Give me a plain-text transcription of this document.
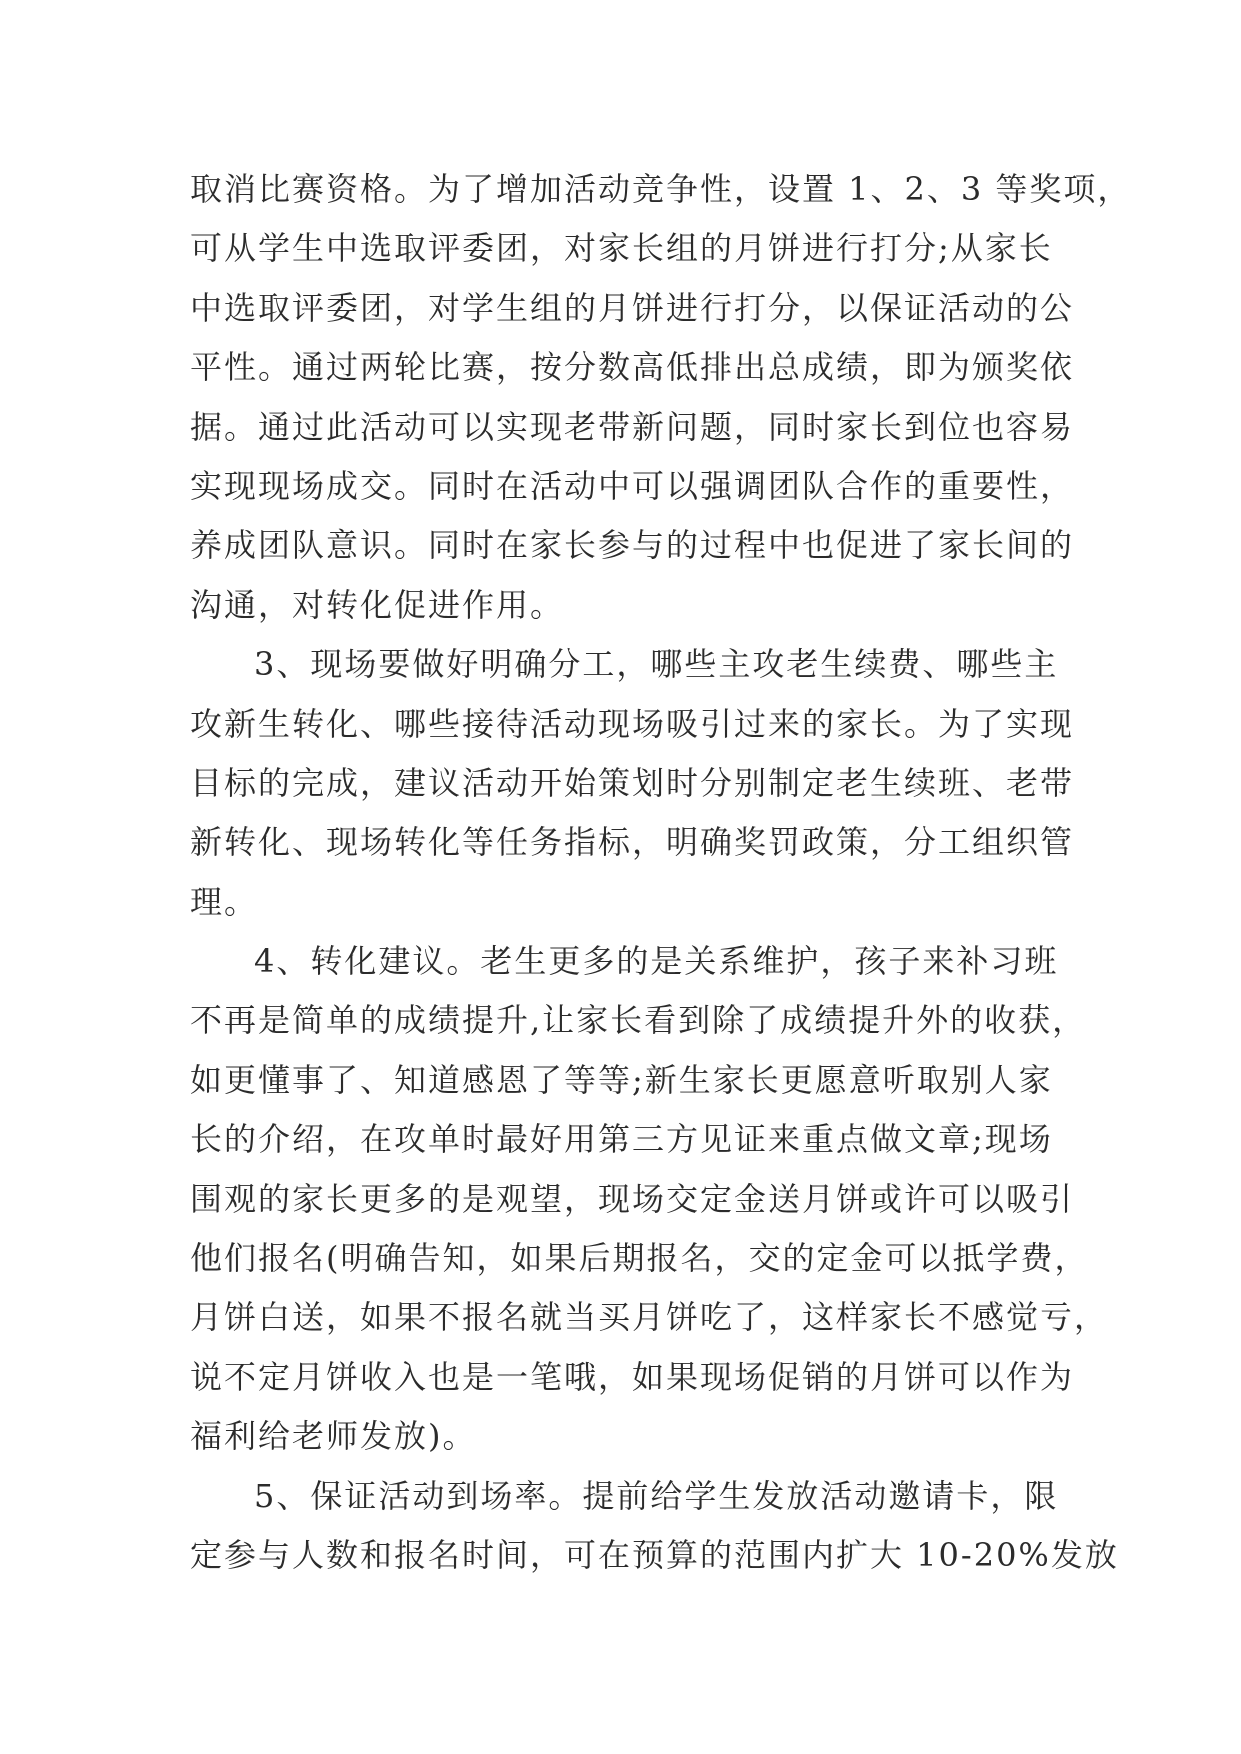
取消比赛资格。为了增加活动竞争性，设置 1、2、3 等奖项，
可从学生中选取评委团，对家长组的月饼进行打分;从家长
中选取评委团，对学生组的月饼进行打分，以保证活动的公
平性。通过两轮比赛，按分数高低排出总成绩，即为颁奖依
据。通过此活动可以实现老带新问题，同时家长到位也容易
实现现场成交。同时在活动中可以强调团队合作的重要性，
养成团队意识。同时在家长参与的过程中也促进了家长间的
沟通，对转化促进作用。
3、现场要做好明确分工，哪些主攻老生续费、哪些主
攻新生转化、哪些接待活动现场吸引过来的家长。为了实现
目标的完成，建议活动开始策划时分别制定老生续班、老带
新转化、现场转化等任务指标，明确奖罚政策，分工组织管
理。
4、转化建议。老生更多的是关系维护，孩子来补习班
不再是简单的成绩提升,让家长看到除了成绩提升外的收获，
如更懂事了、知道感恩了等等;新生家长更愿意听取别人家
长的介绍，在攻单时最好用第三方见证来重点做文章;现场
围观的家长更多的是观望，现场交定金送月饼或许可以吸引
他们报名(明确告知，如果后期报名，交的定金可以抵学费，
月饼白送，如果不报名就当买月饼吃了，这样家长不感觉亏，
说不定月饼收入也是一笔哦，如果现场促销的月饼可以作为
福利给老师发放)。
5、保证活动到场率。提前给学生发放活动邀请卡，限
定参与人数和报名时间，可在预算的范围内扩大 10-20%发放
